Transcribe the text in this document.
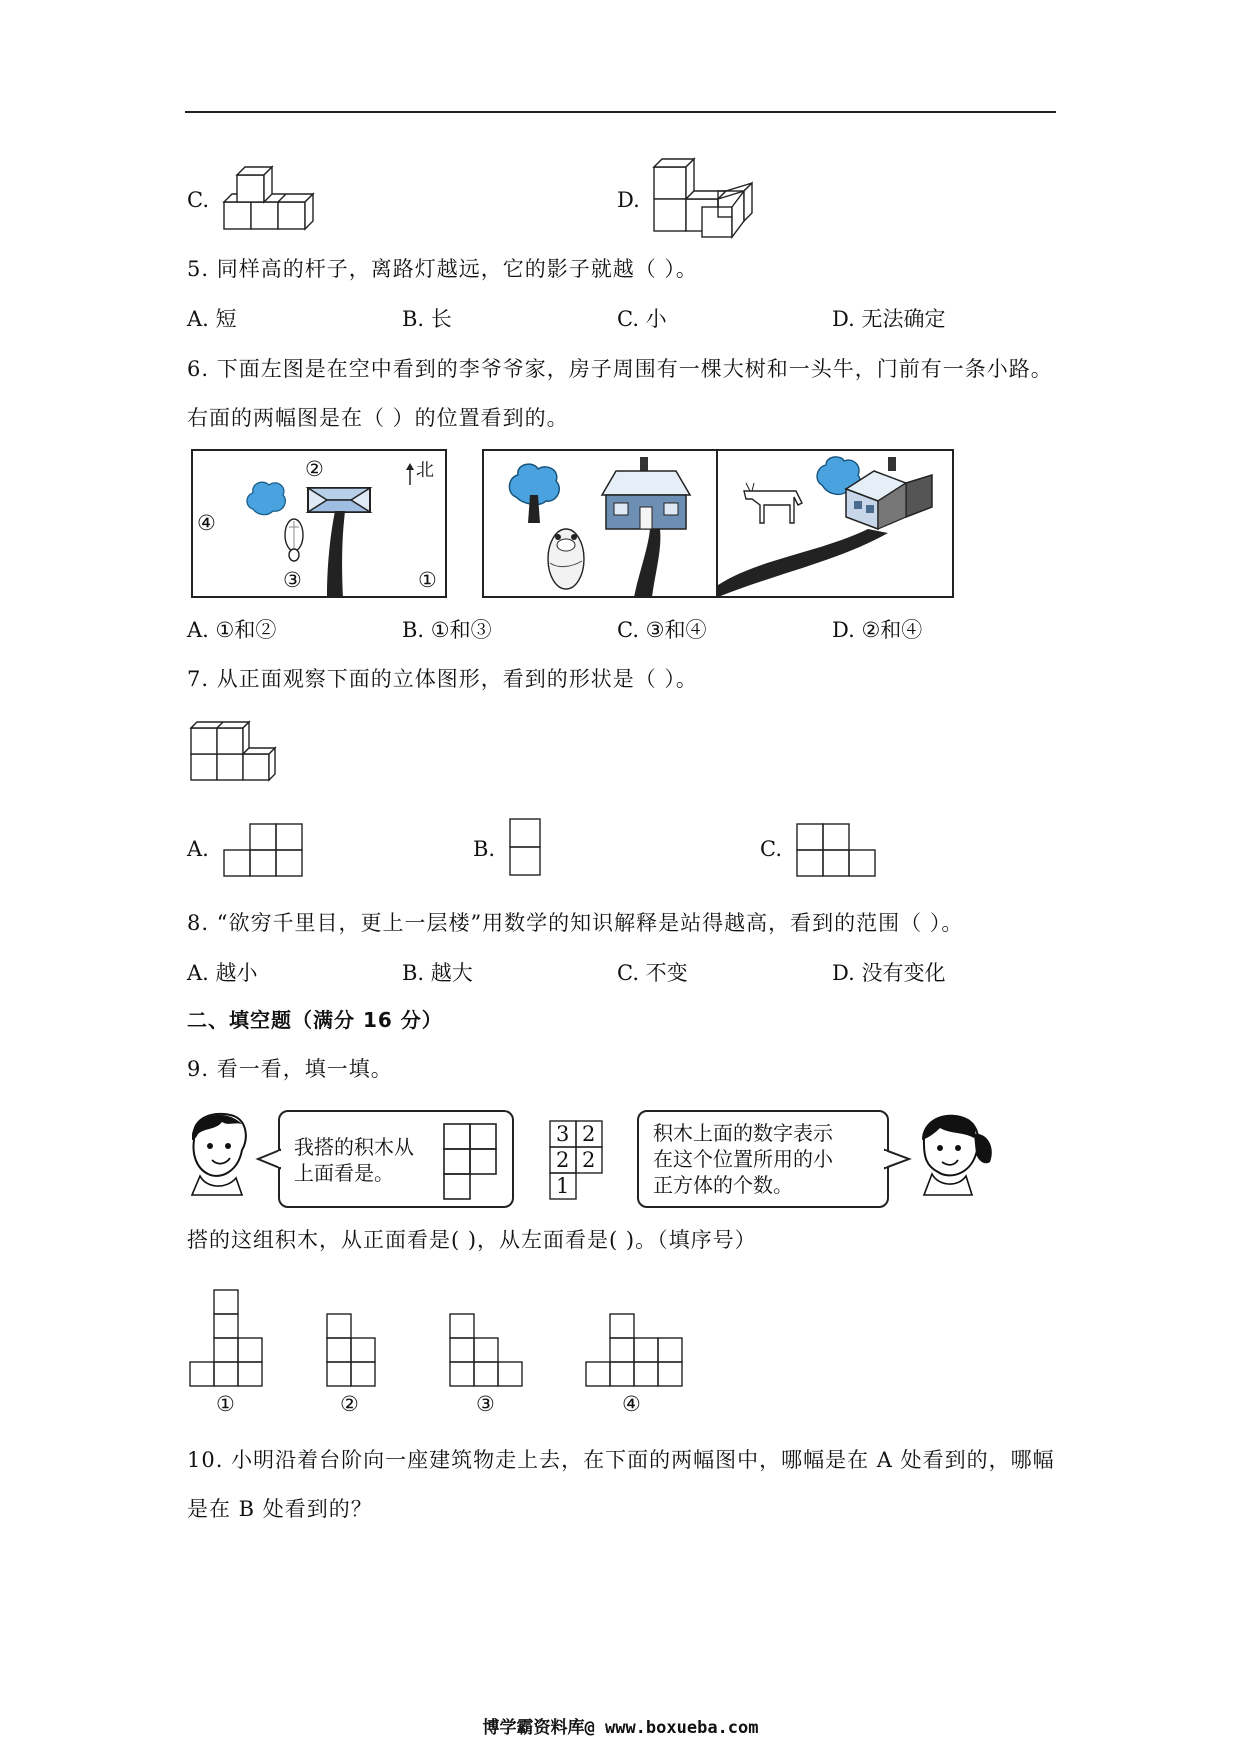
C.	D.
5. 同样高的杆子，离路灯越远，它的影子就越（ ）。
A. 短	B. 长	C. 小	D. 无法确定
6. 下面左图是在空中看到的李爷爷家，房子周围有一棵大树和一头牛，门前有一条小路。
右面的两幅图是在（ ）的位置看到的。
②
④
③	①
北
A. ①和②	B. ①和③	C. ③和④	D. ②和④
7. 从正面观察下面的立体图形，看到的形状是（ ）。
A.	B.	C.
8. “欲穷千里目，更上一层楼”用数学的知识解释是站得越高，看到的范围（ ）。
A. 越小	B. 越大	C. 不变	D. 没有变化
二、填空题（满分 16 分）
9. 看一看，填一填。
我搭的积木从
上面看是。
3 2
2 2
1
积木上面的数字表示
在这个位置所用的小
正方体的个数。
搭的这组积木，从正面看是( )，从左面看是( )。（填序号）
①	②	③	④
10. 小明沿着台阶向一座建筑物走上去，在下面的两幅图中，哪幅是在 A 处看到的，哪幅
是在 B 处看到的？
博学霸资料库@ www.boxueba.com
